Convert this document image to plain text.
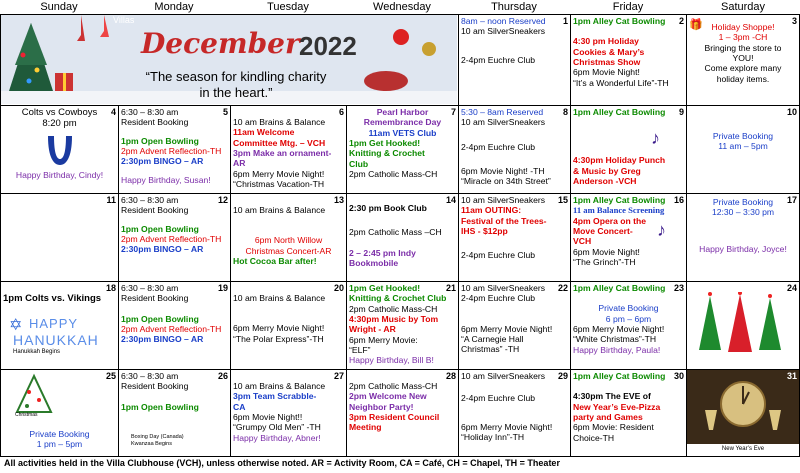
Sunday	Monday	Tuesday	Wednesday	Thursday	Friday	Saturday
Villas
December 2022
“The season for kindling charity
in the heart.”
1
8am – noon Reserved
10 am SilverSneakers
2-4pm Euchre Club
2
1pm Alley Cat Bowling
4:30 pm Holiday
Cookies & Mary’s
Christmas Show
6pm Movie Night!
“It’s a Wonderful Life”-TH
3
🎁	Holiday Shoppe!
1 – 3pm -CH
Bringing the store to
YOU!
Come explore many
holiday items.
4
Colts vs Cowboys
8:20 pm
Happy Birthday, Cindy!
5
6:30 – 8:30 am
Resident Booking
1pm Open Bowling
2pm Advent Reflection-TH
2:30pm BINGO – AR
Happy Birthday, Susan!
6
10 am Brains & Balance
11am Welcome
Committee Mtg. – VCH
3pm Make an ornament-
AR
6pm Merry Movie Night!
“Christmas Vacation-TH
7
Pearl Harbor
Remembrance Day
11am VETS Club
1pm Get Hooked!
Knitting & Crochet
Club
2pm Catholic Mass-CH
8
5:30 – 8am Reserved
10 am SilverSneakers
2-4pm Euchre Club
6pm Movie Night! -TH
“Miracle on 34th Street”
9
1pm Alley Cat Bowling
♪
4:30pm Holiday Punch
& Music by Greg
Anderson -VCH
10
Private Booking
11 am – 5pm
11	12
6:30 – 8:30 am
Resident Booking
1pm Open Bowling
2pm Advent Reflection-TH
2:30pm BINGO – AR
13
10 am Brains & Balance
6pm North Willow
Christmas Concert-AR
Hot Cocoa Bar after!
14
2:30 pm Book Club
2pm Catholic Mass –CH
2 – 2:45 pm Indy
Bookmobile
15
10 am SilverSneakers
11am OUTING:
Festival of the Trees-
IHS - $12pp
2-4pm Euchre Club
16
1pm Alley Cat Bowling
11 am Balance Screening
4pm Opera on the
Move Concert-
VCH
♪
6pm Movie Night!
“The Grinch”-TH
17
Private Booking
12:30 – 3:30 pm
Happy Birthday, Joyce!
18
1pm Colts vs. Vikings
✡ HAPPY
HANUKKAH
Hanukkah Begins
19
6:30 – 8:30 am
Resident Booking
1pm Open Bowling
2pm Advent Reflection-TH
2:30pm BINGO – AR
20
10 am Brains & Balance
6pm Merry Movie Night!
“The Polar Express”-TH
21
1pm Get Hooked!
Knitting & Crochet Club
2pm Catholic Mass-CH
4:30pm Music by Tom
Wright - AR
6pm Merry Movie:
“ELF”
Happy Birthday, Bill B!
22
10 am SilverSneakers
2-4pm Euchre Club
6pm Merry Movie Night!
“A Carnegie Hall
Christmas” -TH
23
1pm Alley Cat Bowling
Private Booking
6 pm – 6pm
6pm Merry Movie Night!
“White Christmas”-TH
Happy Birthday, Paula!
24
25
Christmas
Private Booking
1 pm – 5pm
26
6:30 – 8:30 am
Resident Booking
1pm Open Bowling
Boxing Day (Canada)
Kwanzaa Begins
27
10 am Brains & Balance
3pm Team Scrabble-
CA
6pm Movie Night!!
“Grumpy Old Men” -TH
Happy Birthday, Abner!
28
2pm Catholic Mass-CH
2pm Welcome New
Neighbor Party!
3pm Resident Council
Meeting
29
10 am SilverSneakers
2-4pm Euchre Club
6pm Merry Movie Night!
“Holiday Inn”-TH
30
1pm Alley Cat Bowling
4:30pm The EVE of
New Year’s Eve-Pizza
party and Games
6pm Movie: Resident
Choice-TH
31
New Year’s Eve
All activities held in the Villa Clubhouse (VCH), unless otherwise noted. AR = Activity Room, CA = Café, CH = Chapel, TH = Theater
